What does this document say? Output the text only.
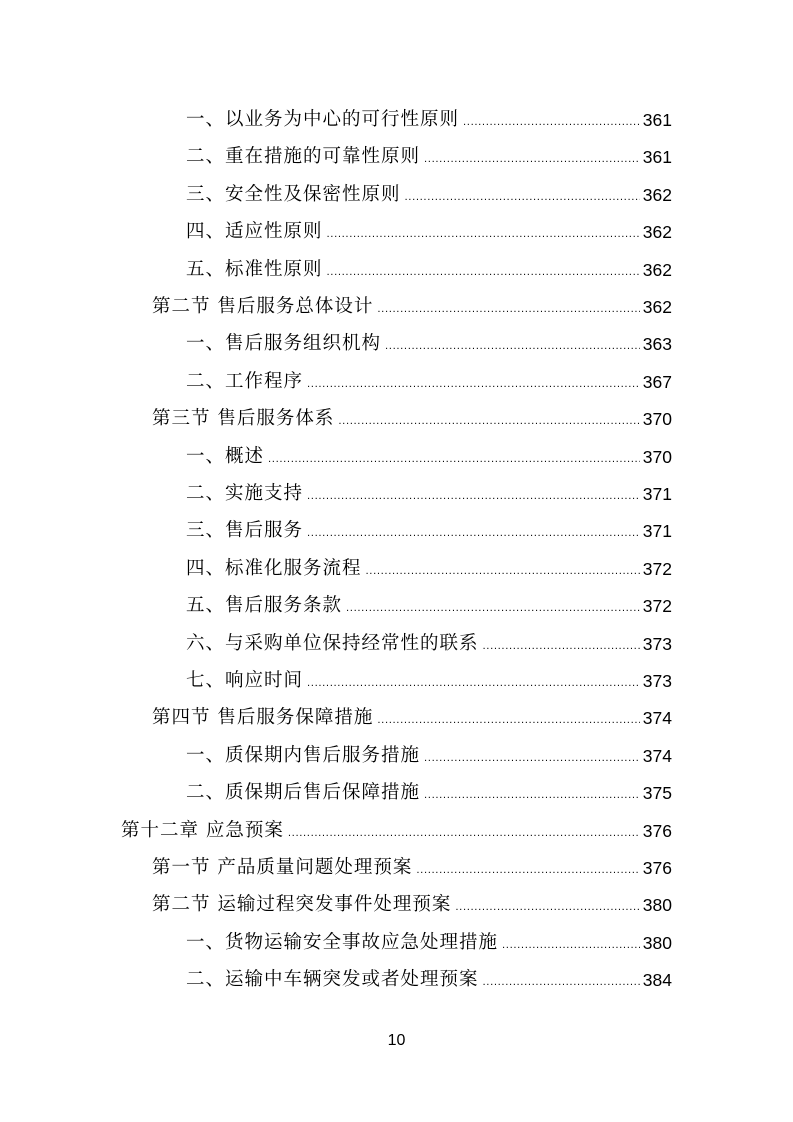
一、以业务为中心的可行性原则 .....	361
二、重在措施的可靠性原则 .....	361
三、安全性及保密性原则 .....	362
四、适应性原则 .....	362
五、标准性原则 .....	362
第二节 售后服务总体设计 .....	362
一、售后服务组织机构 .....	363
二、工作程序 .....	367
第三节 售后服务体系 .....	370
一、概述 .....	370
二、实施支持 .....	371
三、售后服务 .....	371
四、标准化服务流程 .....	372
五、售后服务条款 .....	372
六、与采购单位保持经常性的联系 .....	373
七、响应时间 .....	373
第四节 售后服务保障措施 .....	374
一、质保期内售后服务措施 .....	374
二、质保期后售后保障措施 .....	375
第十二章 应急预案 .....	376
第一节 产品质量问题处理预案 .....	376
第二节 运输过程突发事件处理预案 .....	380
一、货物运输安全事故应急处理措施 .....	380
二、运输中车辆突发或者处理预案 .....	384
10
